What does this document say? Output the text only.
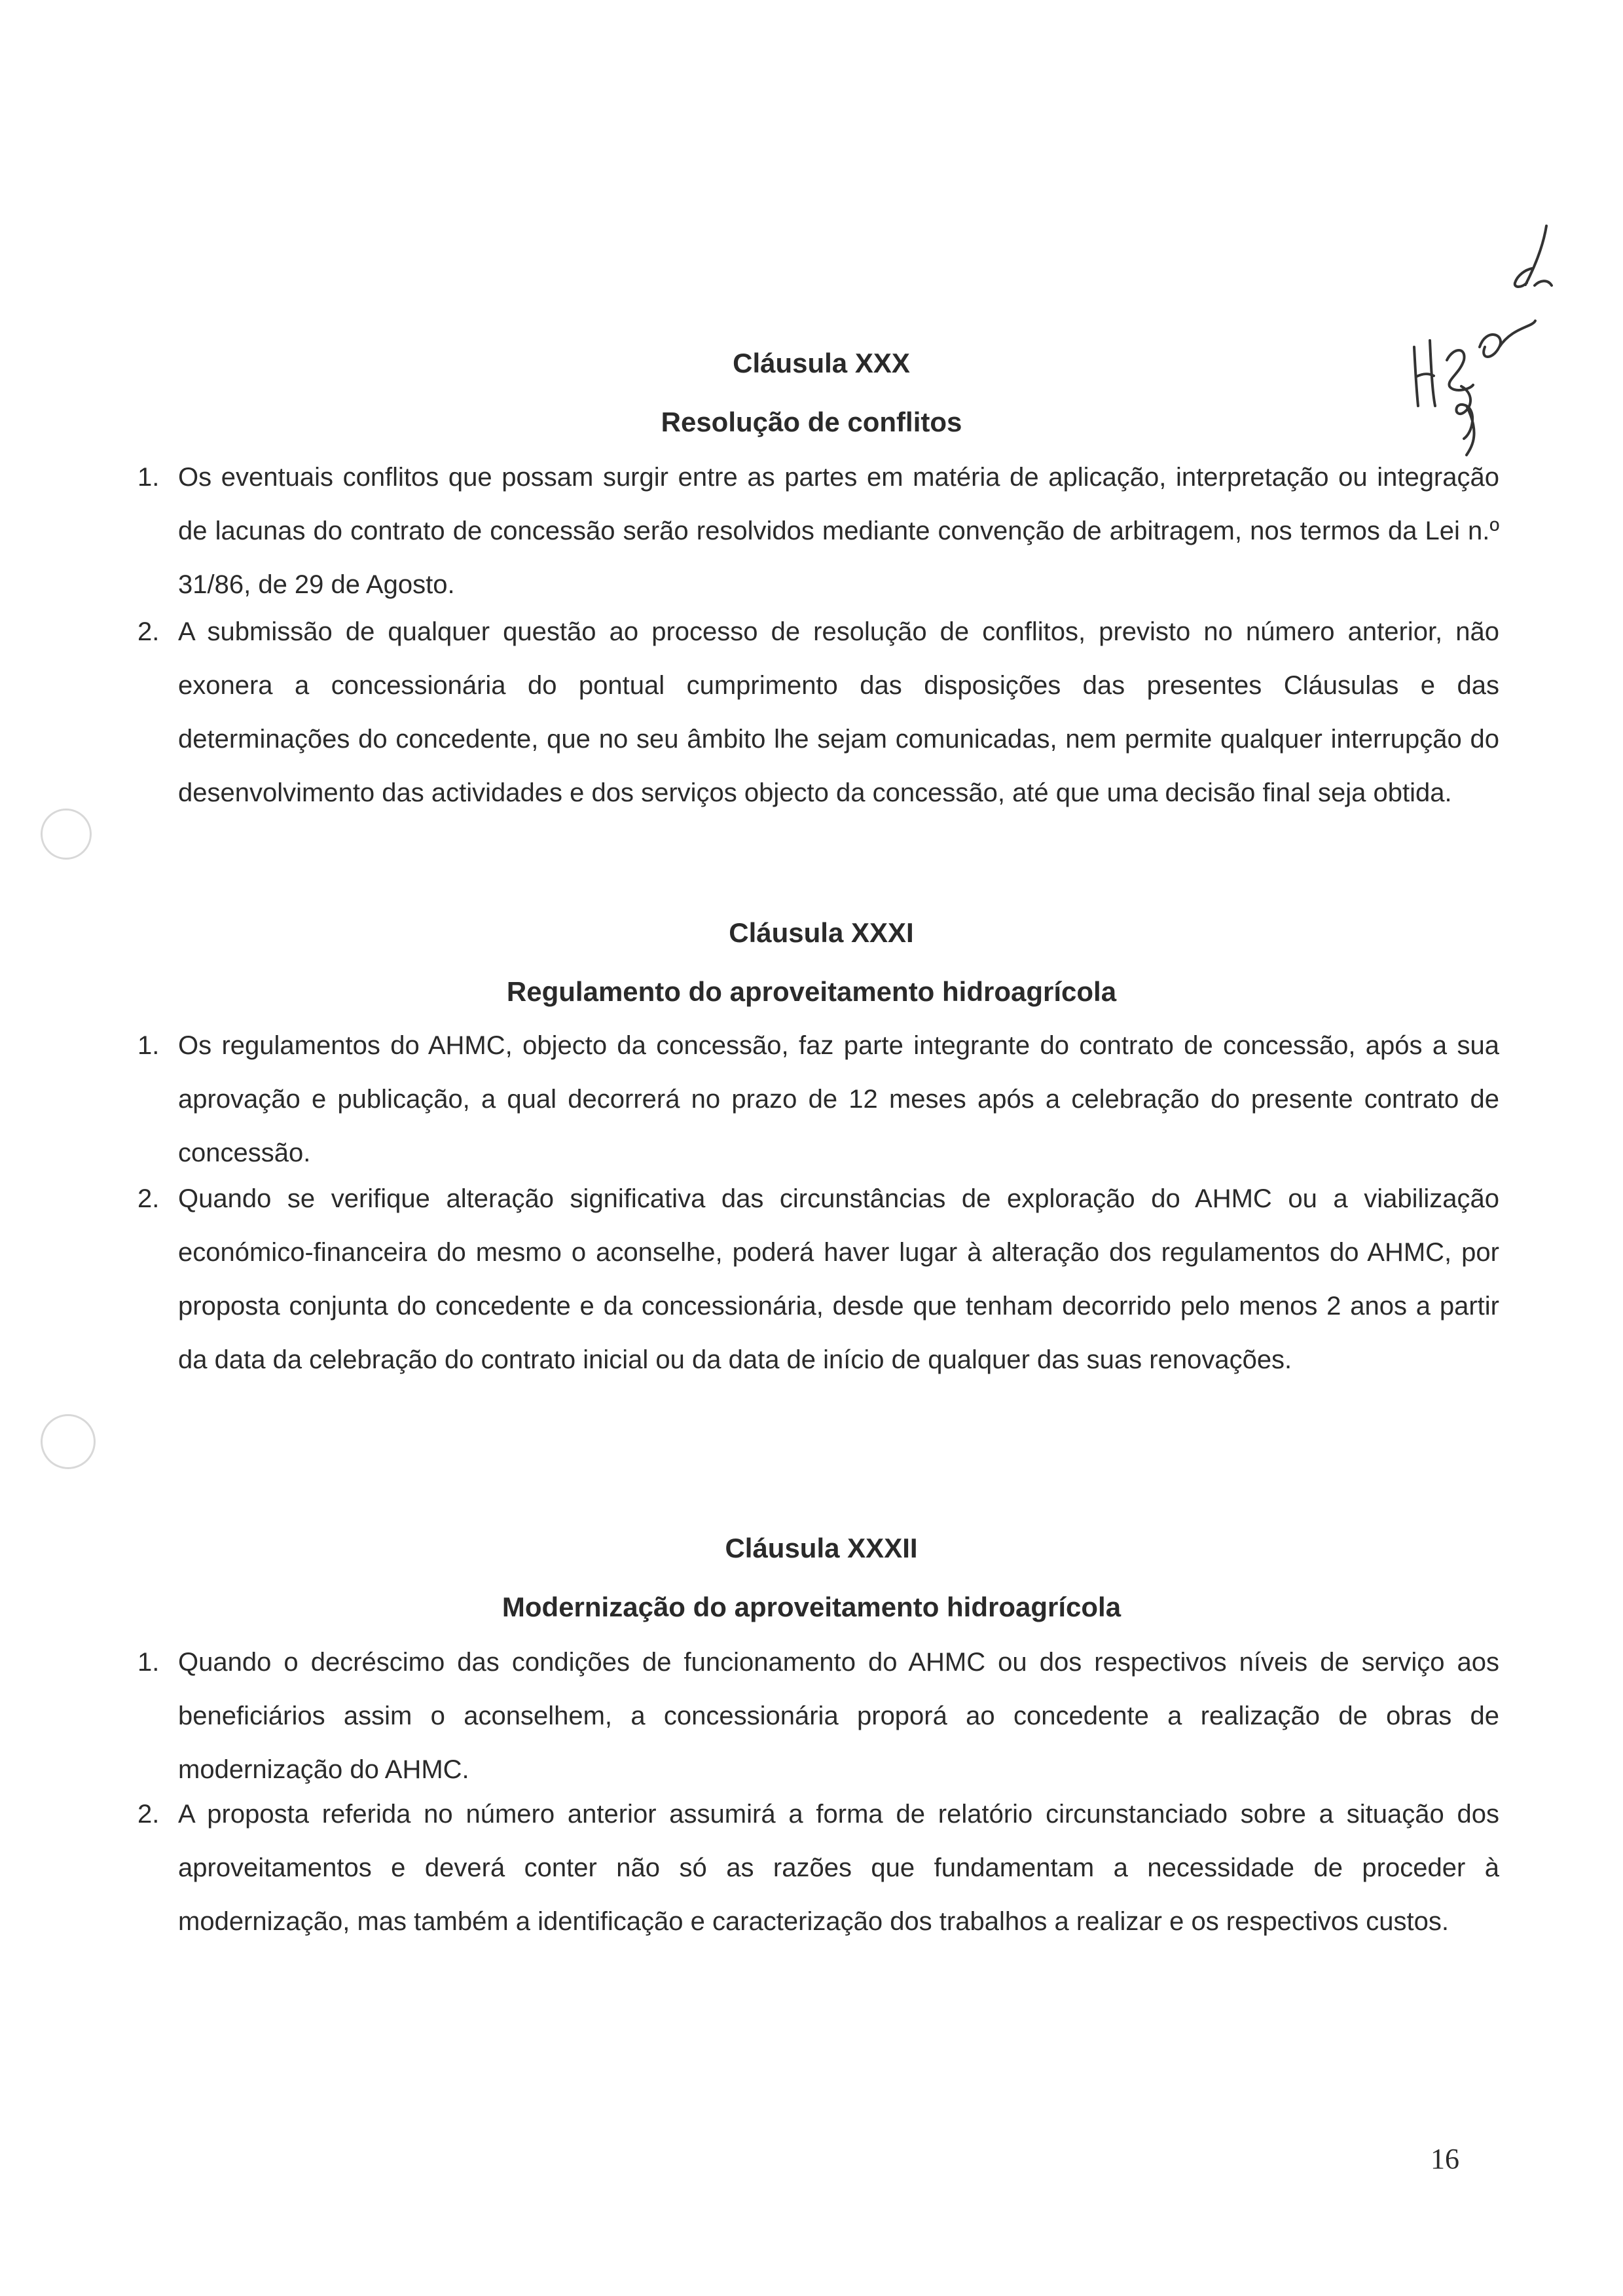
Cláusula XXX
Resolução de conflitos
1. Os eventuais conflitos que possam surgir entre as partes em matéria de aplicação, interpretação ou integração de lacunas do contrato de concessão serão resolvidos mediante convenção de arbitragem, nos termos da Lei n.º 31/86, de 29 de Agosto.
2. A submissão de qualquer questão ao processo de resolução de conflitos, previsto no número anterior, não exonera a concessionária do pontual cumprimento das disposições das presentes Cláusulas e das determinações do concedente, que no seu âmbito lhe sejam comunicadas, nem permite qualquer interrupção do desenvolvimento das actividades e dos serviços objecto da concessão, até que uma decisão final seja obtida.
Cláusula XXXI
Regulamento do aproveitamento hidroagrícola
1. Os regulamentos do AHMC, objecto da concessão, faz parte integrante do contrato de concessão, após a sua aprovação e publicação, a qual decorrerá no prazo de 12 meses após a celebração do presente contrato de concessão.
2. Quando se verifique alteração significativa das circunstâncias de exploração do AHMC ou a viabilização económico-financeira do mesmo o aconselhe, poderá haver lugar à alteração dos regulamentos do AHMC, por proposta conjunta do concedente e da concessionária, desde que tenham decorrido pelo menos 2 anos a partir da data da celebração do contrato inicial ou da data de início de qualquer das suas renovações.
Cláusula XXXII
Modernização do aproveitamento hidroagrícola
1. Quando o decréscimo das condições de funcionamento do AHMC ou dos respectivos níveis de serviço aos beneficiários assim o aconselhem, a concessionária proporá ao concedente a realização de obras de modernização do AHMC.
2. A proposta referida no número anterior assumirá a forma de relatório circunstanciado sobre a situação dos aproveitamentos e deverá conter não só as razões que fundamentam a necessidade de proceder à modernização, mas também a identificação e caracterização dos trabalhos a realizar e os respectivos custos.
16
